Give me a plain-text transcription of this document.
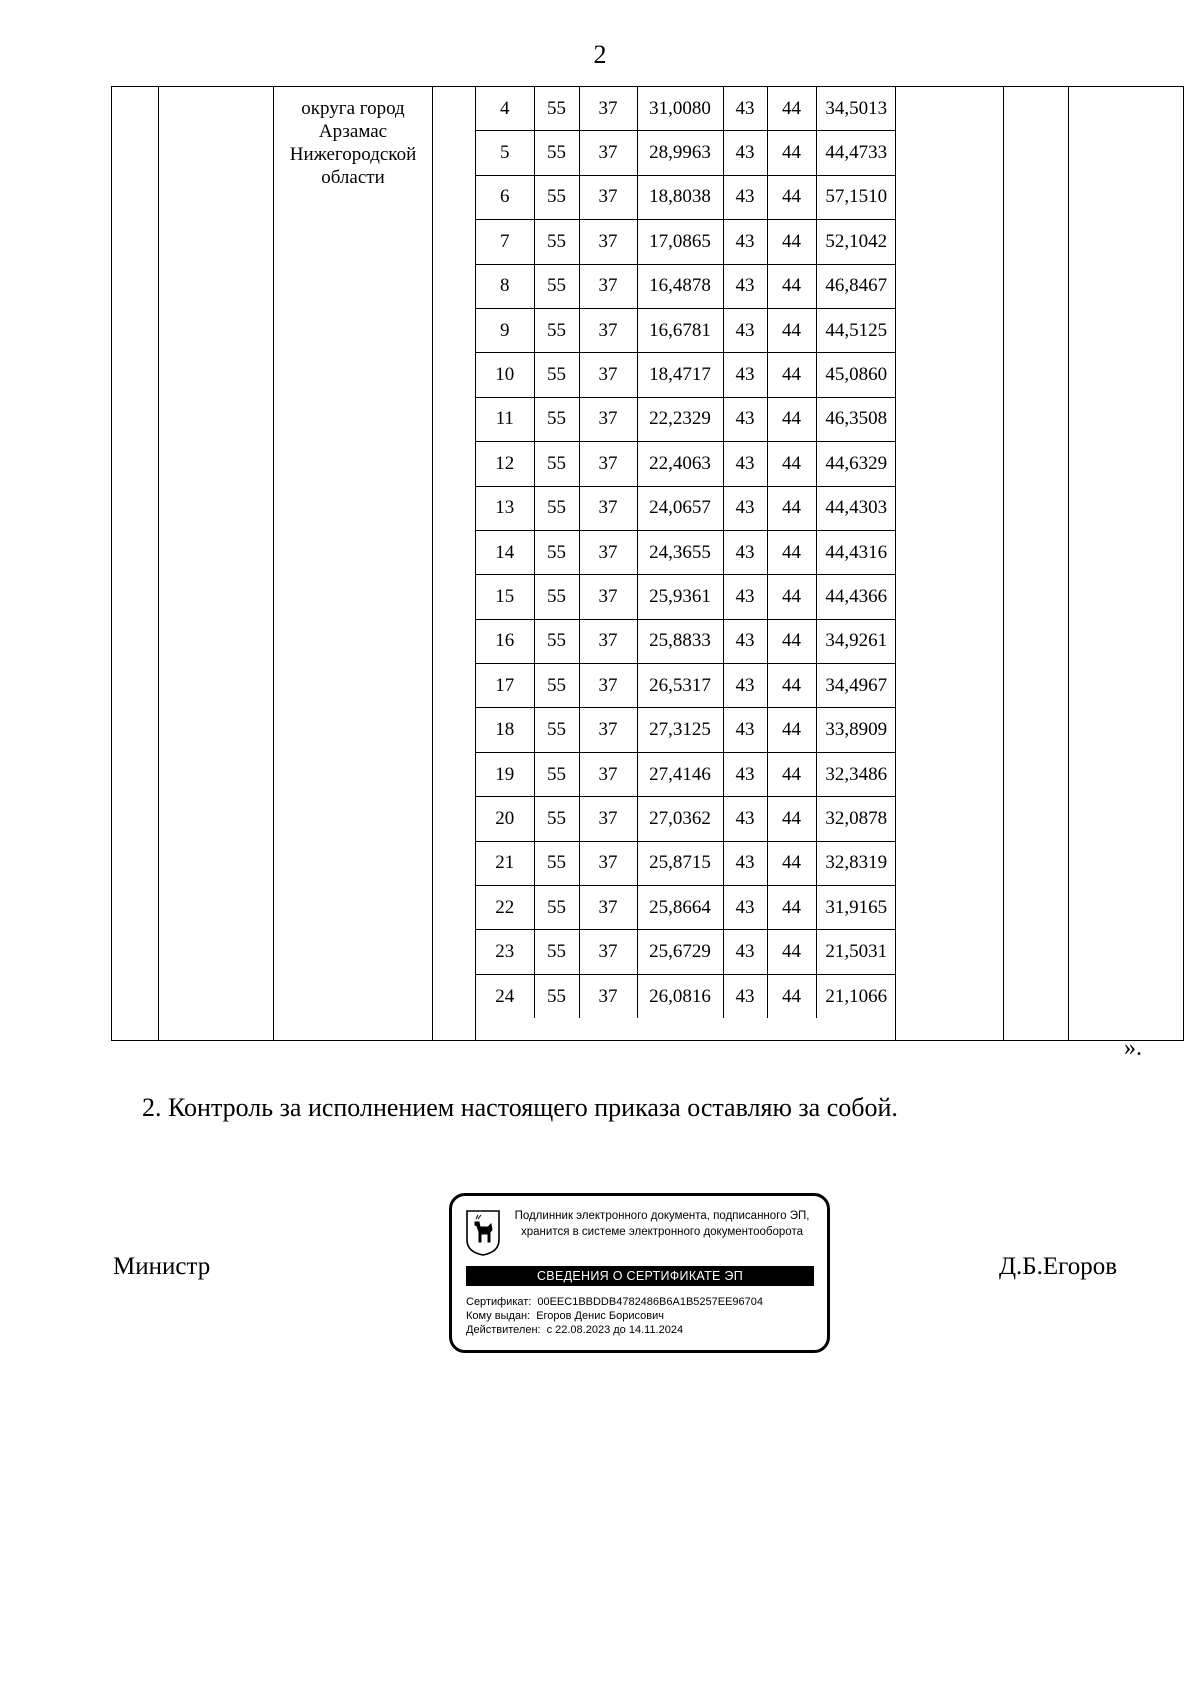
2

округа город
Арзамас
Нижегородской
области

4	55	37	31,0080	43	44	34,5013
5	55	37	28,9963	43	44	44,4733
6	55	37	18,8038	43	44	57,1510
7	55	37	17,0865	43	44	52,1042
8	55	37	16,4878	43	44	46,8467
9	55	37	16,6781	43	44	44,5125
10	55	37	18,4717	43	44	45,0860
11	55	37	22,2329	43	44	46,3508
12	55	37	22,4063	43	44	44,6329
13	55	37	24,0657	43	44	44,4303
14	55	37	24,3655	43	44	44,4316
15	55	37	25,9361	43	44	44,4366
16	55	37	25,8833	43	44	34,9261
17	55	37	26,5317	43	44	34,4967
18	55	37	27,3125	43	44	33,8909
19	55	37	27,4146	43	44	32,3486
20	55	37	27,0362	43	44	32,0878
21	55	37	25,8715	43	44	32,8319
22	55	37	25,8664	43	44	31,9165
23	55	37	25,6729	43	44	21,5031
24	55	37	26,0816	43	44	21,1066

».
2. Контроль за исполнением настоящего приказа оставляю за собой.
Министр	Д.Б.Егоров
Подлинник электронного документа, подписанного ЭП,
хранится в системе электронного документооборота
СВЕДЕНИЯ О СЕРТИФИКАТЕ ЭП
Сертификат: 00EEC1BBDDB4782486B6A1B5257EE96704
Кому выдан: Егоров Денис Борисович
Действителен: с 22.08.2023 до 14.11.2024
